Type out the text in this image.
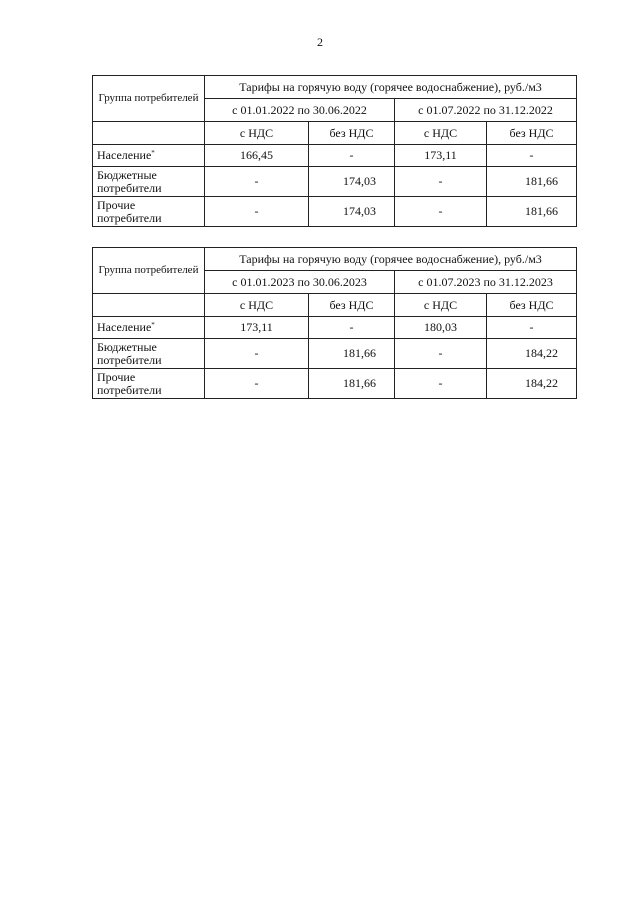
2
Группа потребителей	Тарифы на горячую воду (горячее водоснабжение), руб./м3			
	с 01.01.2022 по 30.06.2022		с 01.07.2022 по 31.12.2022	
	с НДС	без НДС	с НДС	без НДС
Население*	166,45	-	173,11	-
Бюджетные потребители	-	174,03	-	181,66
Прочие потребители	-	174,03	-	181,66
Группа потребителей	Тарифы на горячую воду (горячее водоснабжение), руб./м3			
	с 01.01.2023 по 30.06.2023		с 01.07.2023 по 31.12.2023	
	с НДС	без НДС	с НДС	без НДС
Население*	173,11	-	180,03	-
Бюджетные потребители	-	181,66	-	184,22
Прочие потребители	-	181,66	-	184,22
